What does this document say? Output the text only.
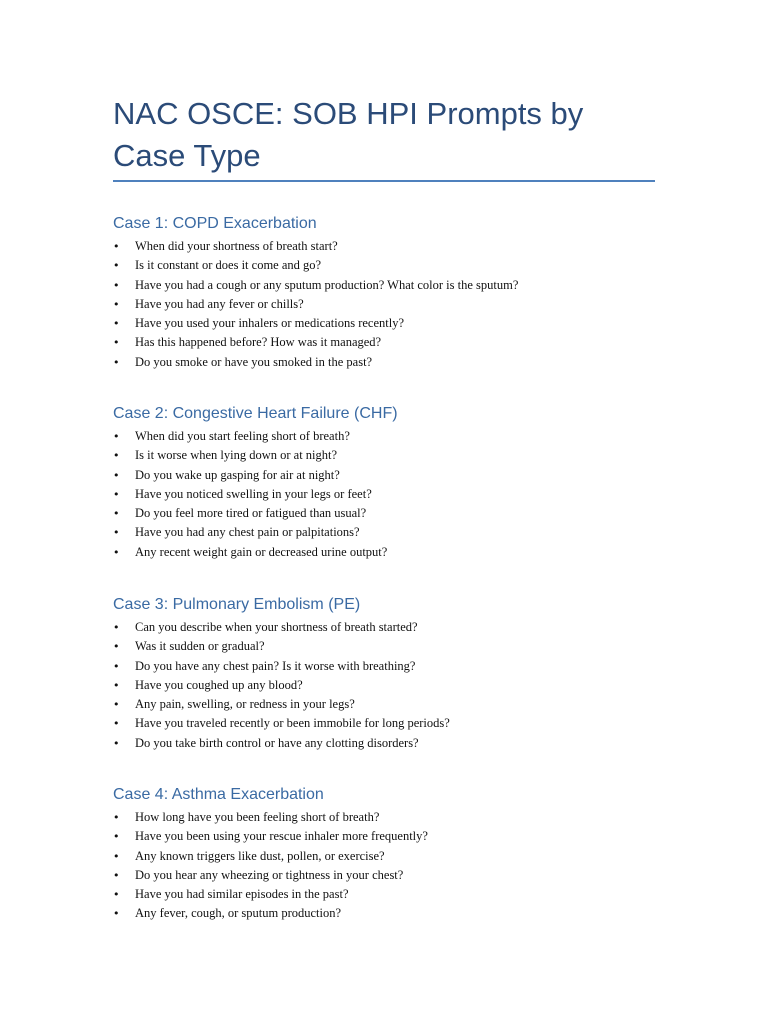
NAC OSCE: SOB HPI Prompts by Case Type
Case 1: COPD Exacerbation
• When did your shortness of breath start?
• Is it constant or does it come and go?
• Have you had a cough or any sputum production? What color is the sputum?
• Have you had any fever or chills?
• Have you used your inhalers or medications recently?
• Has this happened before? How was it managed?
• Do you smoke or have you smoked in the past?
Case 2: Congestive Heart Failure (CHF)
• When did you start feeling short of breath?
• Is it worse when lying down or at night?
• Do you wake up gasping for air at night?
• Have you noticed swelling in your legs or feet?
• Do you feel more tired or fatigued than usual?
• Have you had any chest pain or palpitations?
• Any recent weight gain or decreased urine output?
Case 3: Pulmonary Embolism (PE)
• Can you describe when your shortness of breath started?
• Was it sudden or gradual?
• Do you have any chest pain? Is it worse with breathing?
• Have you coughed up any blood?
• Any pain, swelling, or redness in your legs?
• Have you traveled recently or been immobile for long periods?
• Do you take birth control or have any clotting disorders?
Case 4: Asthma Exacerbation
• How long have you been feeling short of breath?
• Have you been using your rescue inhaler more frequently?
• Any known triggers like dust, pollen, or exercise?
• Do you hear any wheezing or tightness in your chest?
• Have you had similar episodes in the past?
• Any fever, cough, or sputum production?
